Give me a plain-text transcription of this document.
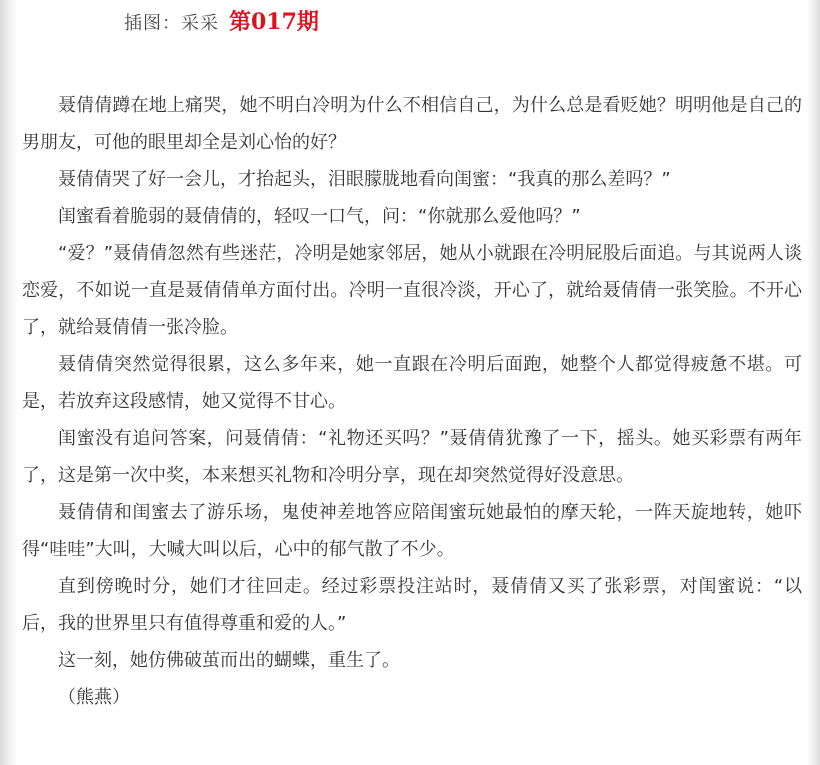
插图：采采 第017期

聂倩倩蹲在地上痛哭，她不明白冷明为什么不相信自己，为什么总是看贬她？明明他是自己的男朋友，可他的眼里却全是刘心怡的好？

聂倩倩哭了好一会儿，才抬起头，泪眼朦胧地看向闺蜜：“我真的那么差吗？”

闺蜜看着脆弱的聂倩倩的，轻叹一口气，问：“你就那么爱他吗？”

“爱？”聂倩倩忽然有些迷茫，冷明是她家邻居，她从小就跟在冷明屁股后面追。与其说两人谈恋爱，不如说一直是聂倩倩单方面付出。冷明一直很冷淡，开心了，就给聂倩倩一张笑脸。不开心了，就给聂倩倩一张冷脸。

聂倩倩突然觉得很累，这么多年来，她一直跟在冷明后面跑，她整个人都觉得疲惫不堪。可是，若放弃这段感情，她又觉得不甘心。

闺蜜没有追问答案，问聂倩倩：“礼物还买吗？”聂倩倩犹豫了一下，摇头。她买彩票有两年了，这是第一次中奖，本来想买礼物和冷明分享，现在却突然觉得好没意思。

聂倩倩和闺蜜去了游乐场，鬼使神差地答应陪闺蜜玩她最怕的摩天轮，一阵天旋地转，她吓得“哇哇”大叫，大喊大叫以后，心中的郁气散了不少。

直到傍晚时分，她们才往回走。经过彩票投注站时，聂倩倩又买了张彩票，对闺蜜说：“以后，我的世界里只有值得尊重和爱的人。”

这一刻，她仿佛破茧而出的蝴蝶，重生了。

（熊燕）
